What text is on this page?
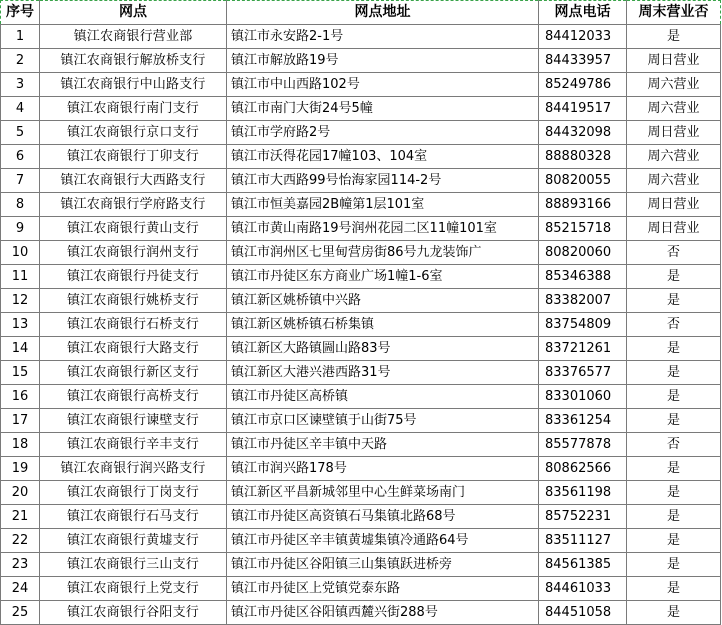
序号	网点	网点地址	网点电话	周末营业否
1	镇江农商银行营业部	镇江市永安路2-1号	84412033	是
2	镇江农商银行解放桥支行	镇江市解放路19号	84433957	周日营业
3	镇江农商银行中山路支行	镇江市中山西路102号	85249786	周六营业
4	镇江农商银行南门支行	镇江市南门大街24号5幢	84419517	周六营业
5	镇江农商银行京口支行	镇江市学府路2号	84432098	周日营业
6	镇江农商银行丁卯支行	镇江市沃得花园17幢103、104室	88880328	周六营业
7	镇江农商银行大西路支行	镇江市大西路99号怡海家园114-2号	80820055	周六营业
8	镇江农商银行学府路支行	镇江市恒美嘉园2B幢第1层101室	88893166	周日营业
9	镇江农商银行黄山支行	镇江市黄山南路19号润州花园二区11幢101室	85215718	周日营业
10	镇江农商银行润州支行	镇江市润州区七里甸营房街86号九龙装饰广	80820060	否
11	镇江农商银行丹徒支行	镇江市丹徒区东方商业广场1幢1-6室	85346388	是
12	镇江农商银行姚桥支行	镇江新区姚桥镇中兴路	83382007	是
13	镇江农商银行石桥支行	镇江新区姚桥镇石桥集镇	83754809	否
14	镇江农商银行大路支行	镇江新区大路镇圌山路83号	83721261	是
15	镇江农商银行新区支行	镇江新区大港兴港西路31号	83376577	是
16	镇江农商银行高桥支行	镇江市丹徒区高桥镇	83301060	是
17	镇江农商银行谏壁支行	镇江市京口区谏壁镇于山街75号	83361254	是
18	镇江农商银行辛丰支行	镇江市丹徒区辛丰镇中天路	85577878	否
19	镇江农商银行润兴路支行	镇江市润兴路178号	80862566	是
20	镇江农商银行丁岗支行	镇江新区平昌新城邻里中心生鲜菜场南门	83561198	是
21	镇江农商银行石马支行	镇江市丹徒区高资镇石马集镇北路68号	85752231	是
22	镇江农商银行黄墟支行	镇江市丹徒区辛丰镇黄墟集镇冷通路64号	83511127	是
23	镇江农商银行三山支行	镇江市丹徒区谷阳镇三山集镇跃进桥旁	84561385	是
24	镇江农商银行上党支行	镇江市丹徒区上党镇党泰东路	84461033	是
25	镇江农商银行谷阳支行	镇江市丹徒区谷阳镇西麓兴街288号	84451058	是
